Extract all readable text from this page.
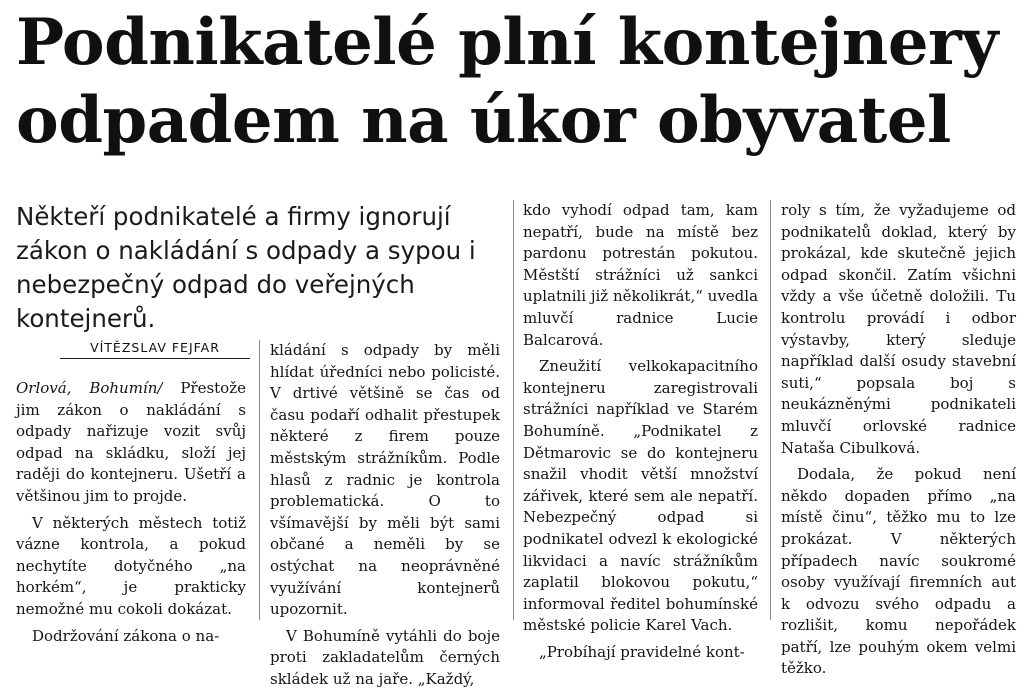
Podnikatelé plní kontejnery odpadem na úkor obyvatel

Někteří podnikatelé a firmy ignorují zákon o nakládání s odpady a sypou i nebezpečný odpad do veřejných kontejnerů.

VÍTĚZSLAV FEJFAR

Orlová, Bohumín/ Přestože jim zákon o nakládání s odpady nařizuje vozit svůj odpad na skládku, složí jej raději do kontejneru. Ušetří a většinou jim to projde.

V některých městech totiž vázne kontrola, a pokud nechytíte dotyčného „na horkém“, je prakticky nemožné mu cokoli dokázat.

Dodržování zákona o na-

kládání s odpady by měli hlídat úředníci nebo policisté. V drtivé většině se čas od času podaří odhalit přestupek některé z firem pouze městským strážníkům. Podle hlasů z radnic je kontrola problematická. O to všímavější by měli být sami občané a neměli by se ostýchat na neoprávněné využívání kontejnerů upozornit.

V Bohumíně vytáhli do boje proti zakladatelům černých skládek už na jaře. „Každý,

kdo vyhodí odpad tam, kam nepatří, bude na místě bez pardonu potrestán pokutou. Městští strážníci už sankci uplatnili již několikrát,“ uvedla mluvčí radnice Lucie Balcarová.

Zneužití velkokapacitního kontejneru zaregistrovali strážníci například ve Starém Bohumíně. „Podnikatel z Dětmarovic se do kontejneru snažil vhodit větší množství zářivek, které sem ale nepatří. Nebezpečný odpad si podnikatel odvezl k ekologické likvidaci a navíc strážníkům zaplatil blokovou pokutu,“ informoval ředitel bohumínské městské policie Karel Vach.

„Probíhají pravidelné kont-

roly s tím, že vyžadujeme od podnikatelů doklad, který by prokázal, kde skutečně jejich odpad skončil. Zatím všichni vždy a vše účetně doložili. Tu kontrolu provádí i odbor výstavby, který sleduje například další osudy stavební suti,“ popsala boj s neukázněnými podnikateli mluvčí orlovské radnice Nataša Cibulková.

Dodala, že pokud není někdo dopaden přímo „na místě činu“, těžko mu to lze prokázat. V některých případech navíc soukromé osoby využívají firemních aut k odvozu svého odpadu a rozlišit, komu nepořádek patří, lze pouhým okem velmi těžko.
